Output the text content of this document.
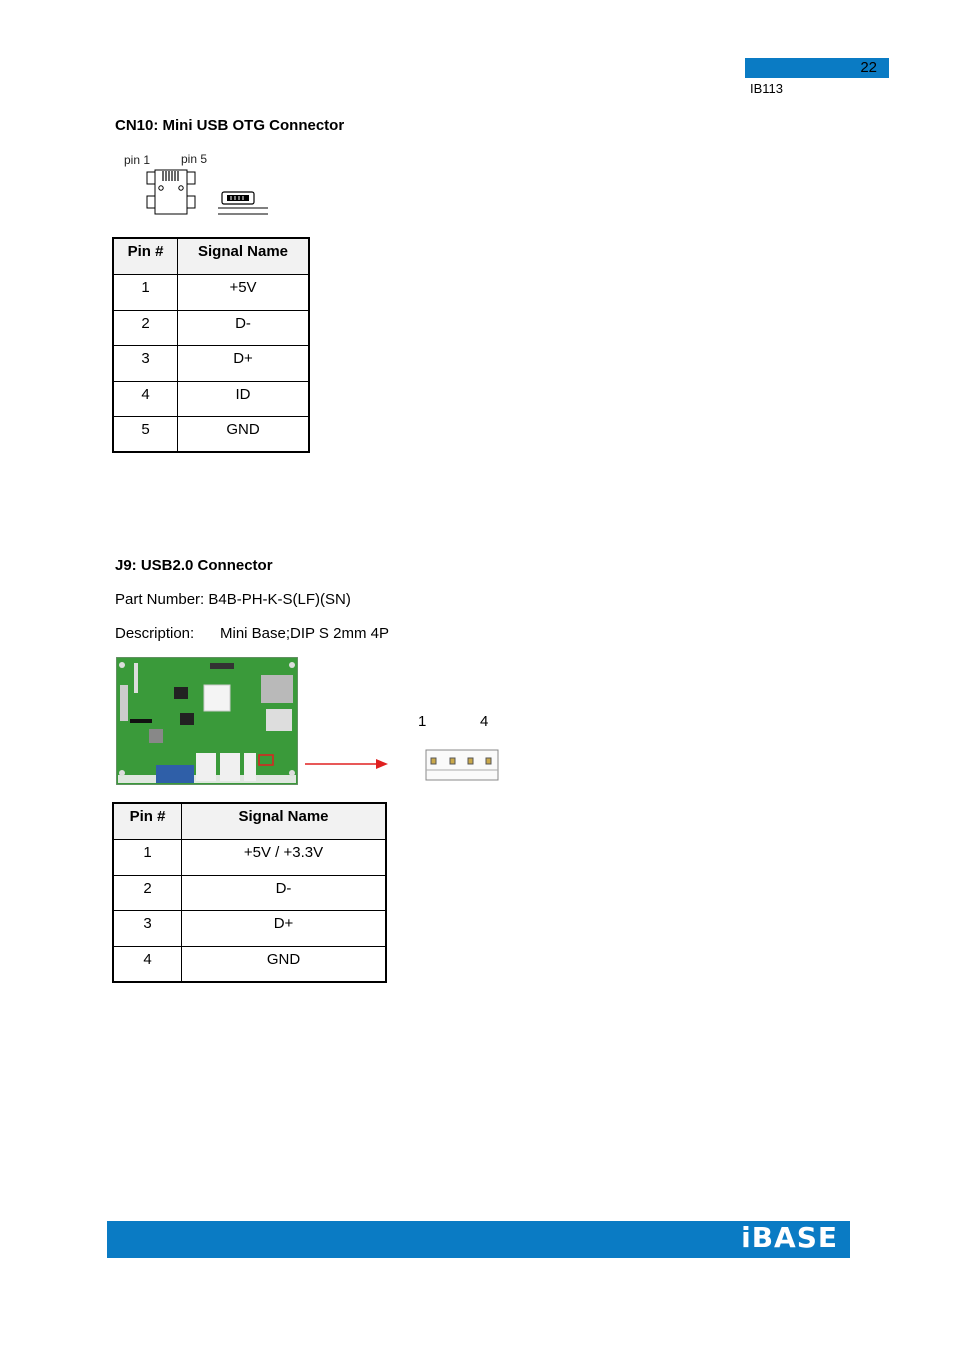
22
IB113
CN10: Mini USB OTG Connector
pin 1	pin 5
Pin #	Signal Name
1	+5V
2	D-
3	D+
4	ID
5	GND
J9: USB2.0 Connector
Part Number: B4B-PH-K-S(LF)(SN)
Description: Mini Base;DIP S 2mm 4P
1	4
Pin #	Signal Name
1	+5V / +3.3V
2	D-
3	D+
4	GND
iBASE
